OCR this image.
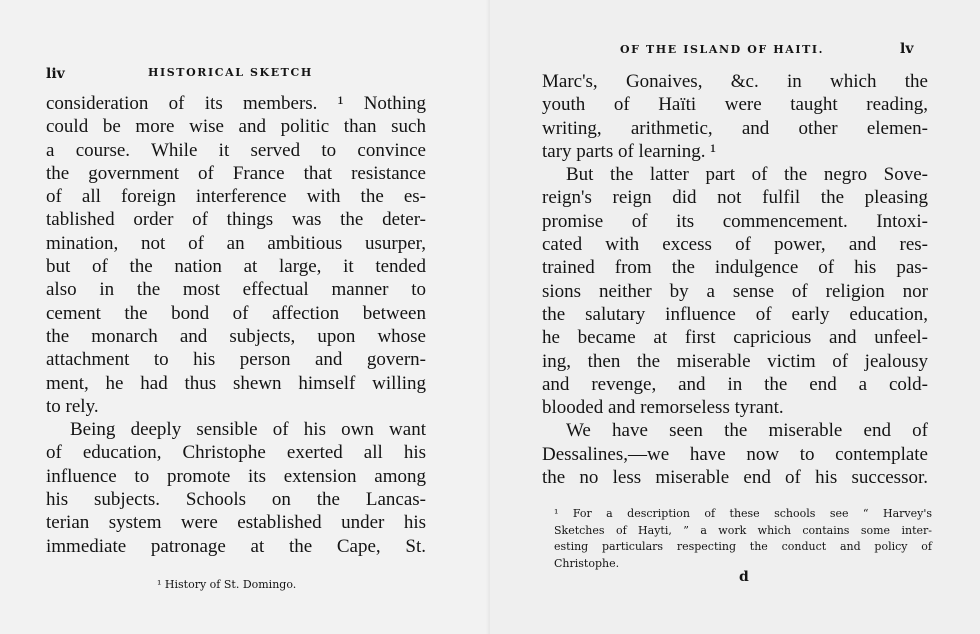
liv	HISTORICAL SKETCH
consideration of its members. ¹ Nothing
could be more wise and politic than such
a course. While it served to convince
the government of France that resistance
of all foreign interference with the es-
tablished order of things was the deter-
mination, not of an ambitious usurper,
but of the nation at large, it tended
also in the most effectual manner to
cement the bond of affection between
the monarch and subjects, upon whose
attachment to his person and govern-
ment, he had thus shewn himself willing
to rely.
Being deeply sensible of his own want
of education, Christophe exerted all his
influence to promote its extension among
his subjects. Schools on the Lancas-
terian system were established under his
immediate patronage at the Cape, St.
¹ History of St. Domingo.
OF THE ISLAND OF HAITI.	lv
Marc's, Gonaives, &c. in which the
youth of Haïti were taught reading,
writing, arithmetic, and other elemen-
tary parts of learning. ¹
But the latter part of the negro Sove-
reign's reign did not fulfil the pleasing
promise of its commencement. Intoxi-
cated with excess of power, and res-
trained from the indulgence of his pas-
sions neither by a sense of religion nor
the salutary influence of early education,
he became at first capricious and unfeel-
ing, then the miserable victim of jealousy
and revenge, and in the end a cold-
blooded and remorseless tyrant.
We have seen the miserable end of
Dessalines,—we have now to contemplate
the no less miserable end of his successor.
¹ For a description of these schools see “ Harvey's
Sketches of Hayti, ” a work which contains some inter-
esting particulars respecting the conduct and policy of
Christophe.
d
